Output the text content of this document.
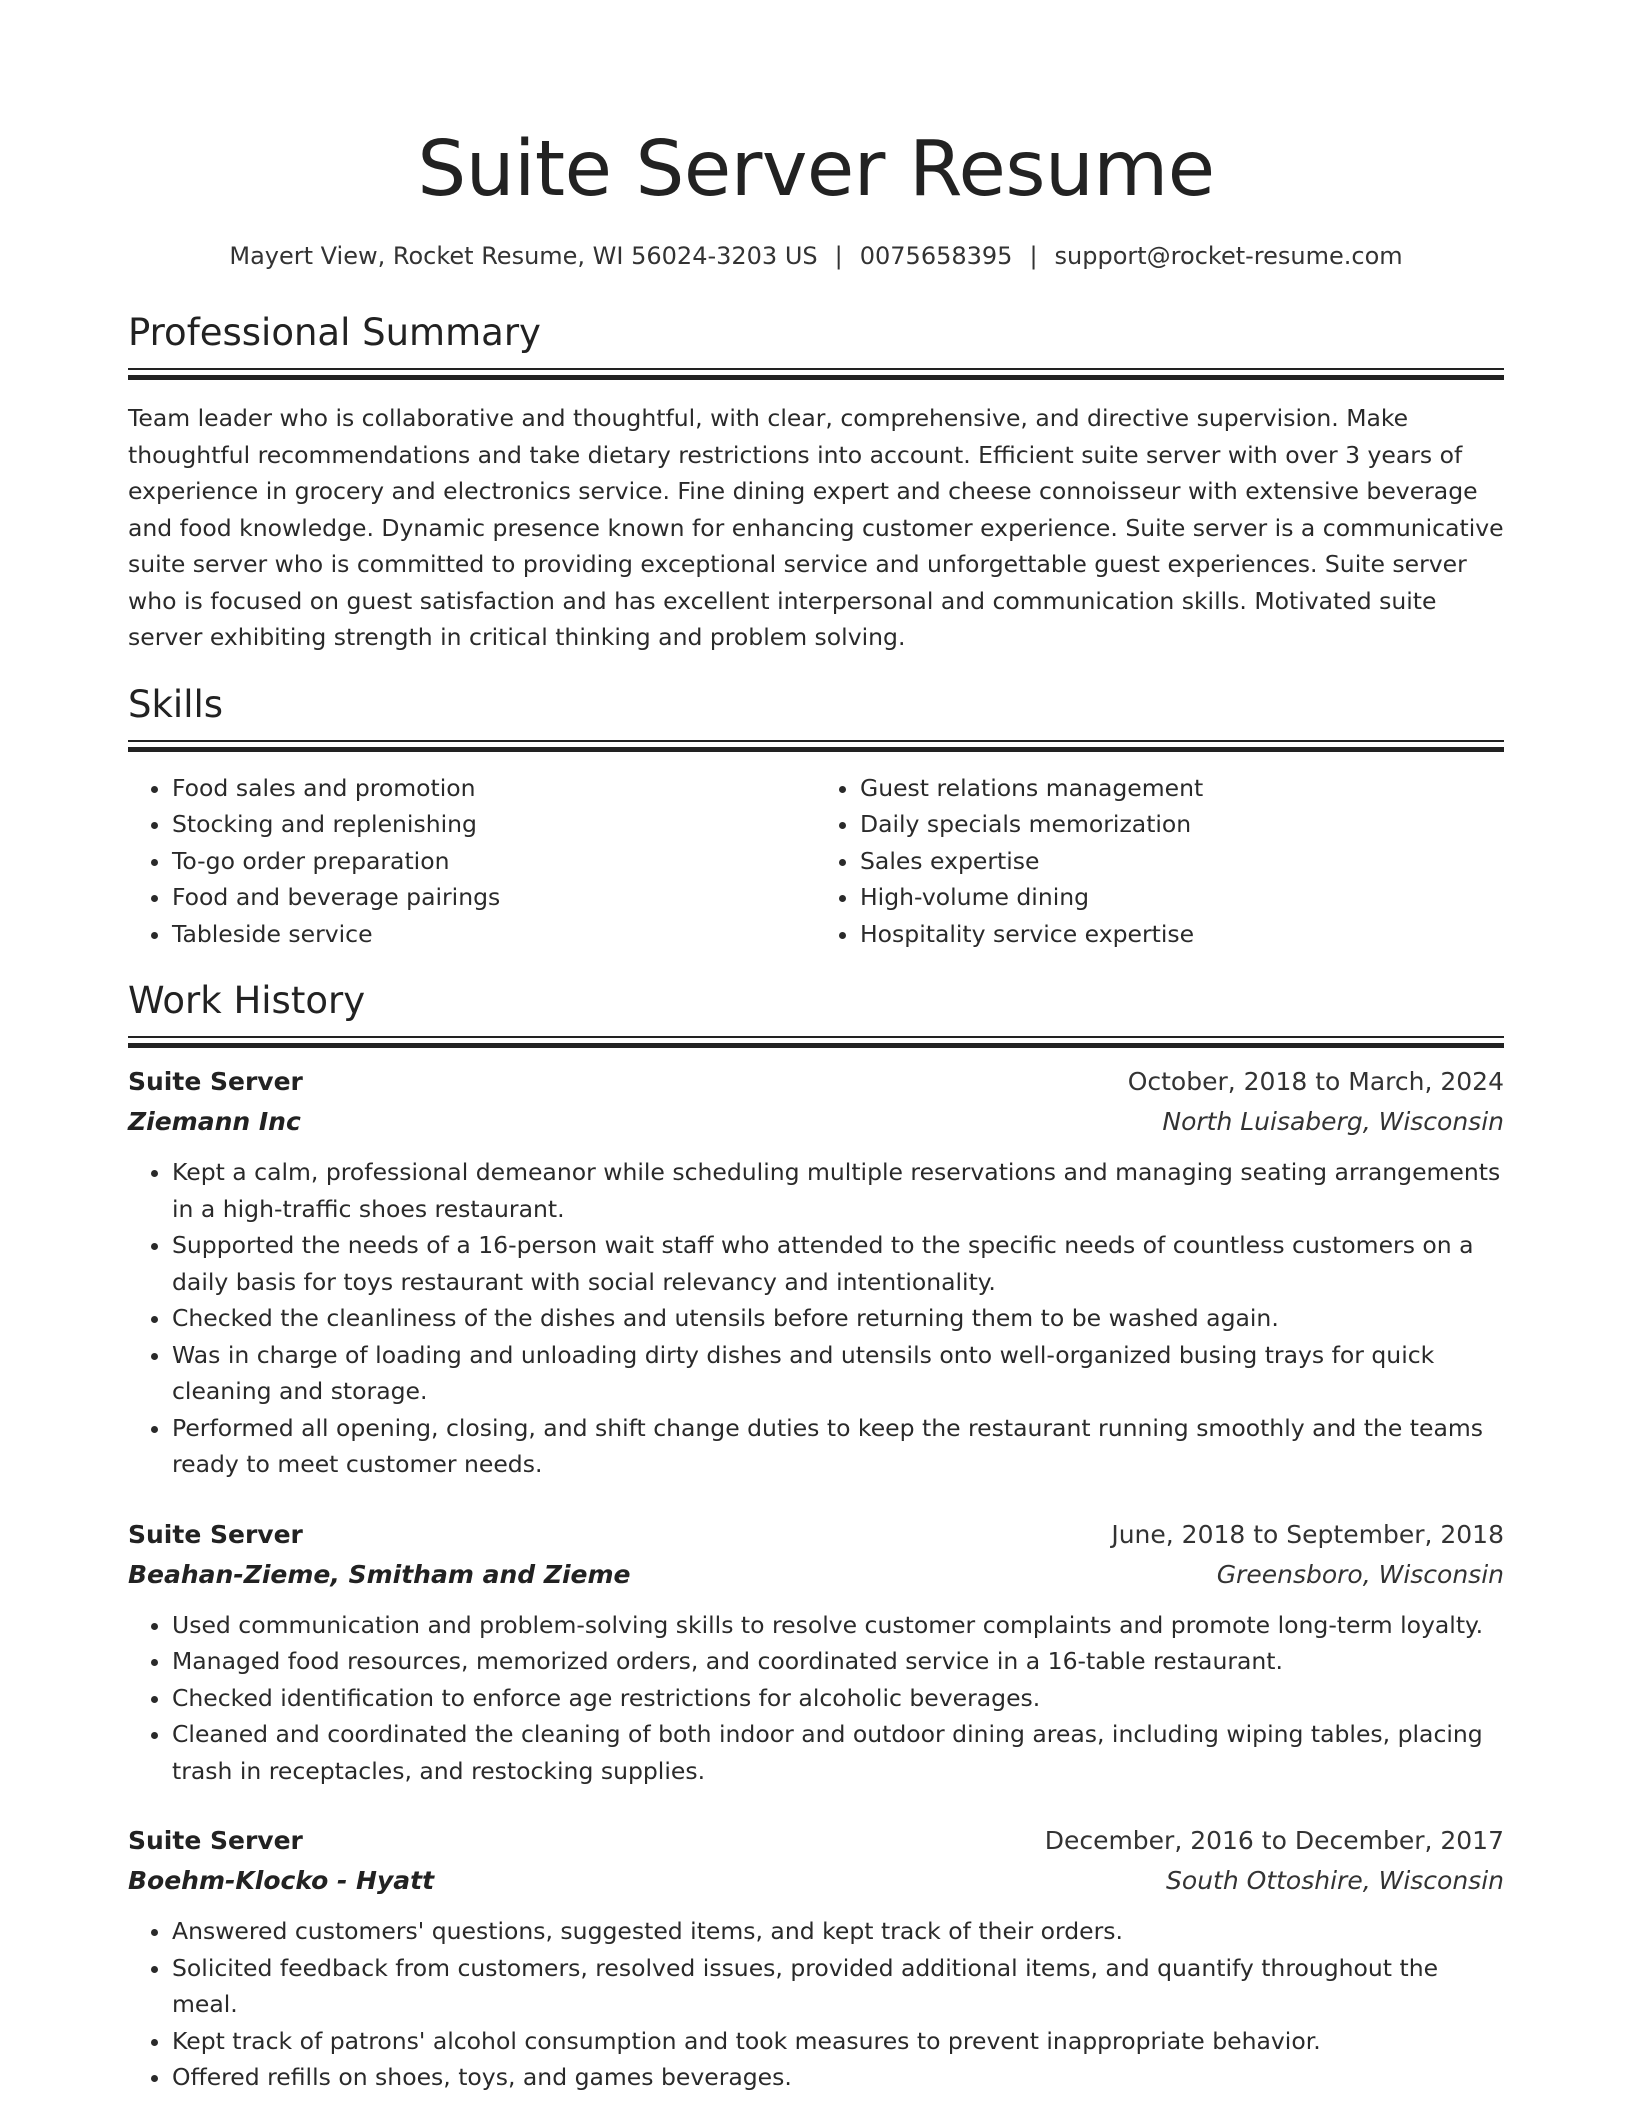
Suite Server Resume
Mayert View, Rocket Resume, WI 56024-3203 US | 0075658395 | support@rocket-resume.com
Professional Summary

Team leader who is collaborative and thoughtful, with clear, comprehensive, and directive supervision. Make thoughtful recommendations and take dietary restrictions into account. Efficient suite server with over 3 years of experience in grocery and electronics service. Fine dining expert and cheese connoisseur with extensive beverage and food knowledge. Dynamic presence known for enhancing customer experience. Suite server is a communicative suite server who is committed to providing exceptional service and unforgettable guest experiences. Suite server who is focused on guest satisfaction and has excellent interpersonal and communication skills. Motivated suite server exhibiting strength in critical thinking and problem solving.

Skills
• Food sales and promotion
• Stocking and replenishing
• To-go order preparation
• Food and beverage pairings
• Tableside service
• Guest relations management
• Daily specials memorization
• Sales expertise
• High-volume dining
• Hospitality service expertise
Work History
Suite Server	October, 2018 to March, 2024
Ziemann Inc	North Luisaberg, Wisconsin
• Kept a calm, professional demeanor while scheduling multiple reservations and managing seating arrangements in a high-traffic shoes restaurant.
• Supported the needs of a 16-person wait staff who attended to the specific needs of countless customers on a daily basis for toys restaurant with social relevancy and intentionality.
• Checked the cleanliness of the dishes and utensils before returning them to be washed again.
• Was in charge of loading and unloading dirty dishes and utensils onto well-organized busing trays for quick cleaning and storage.
• Performed all opening, closing, and shift change duties to keep the restaurant running smoothly and the teams ready to meet customer needs.
Suite Server	June, 2018 to September, 2018
Beahan-Zieme, Smitham and Zieme	Greensboro, Wisconsin
• Used communication and problem-solving skills to resolve customer complaints and promote long-term loyalty.
• Managed food resources, memorized orders, and coordinated service in a 16-table restaurant.
• Checked identification to enforce age restrictions for alcoholic beverages.
• Cleaned and coordinated the cleaning of both indoor and outdoor dining areas, including wiping tables, placing trash in receptacles, and restocking supplies.
Suite Server	December, 2016 to December, 2017
Boehm-Klocko - Hyatt	South Ottoshire, Wisconsin
• Answered customers' questions, suggested items, and kept track of their orders.
• Solicited feedback from customers, resolved issues, provided additional items, and quantify throughout the meal.
• Kept track of patrons' alcohol consumption and took measures to prevent inappropriate behavior.
• Offered refills on shoes, toys, and games beverages.
